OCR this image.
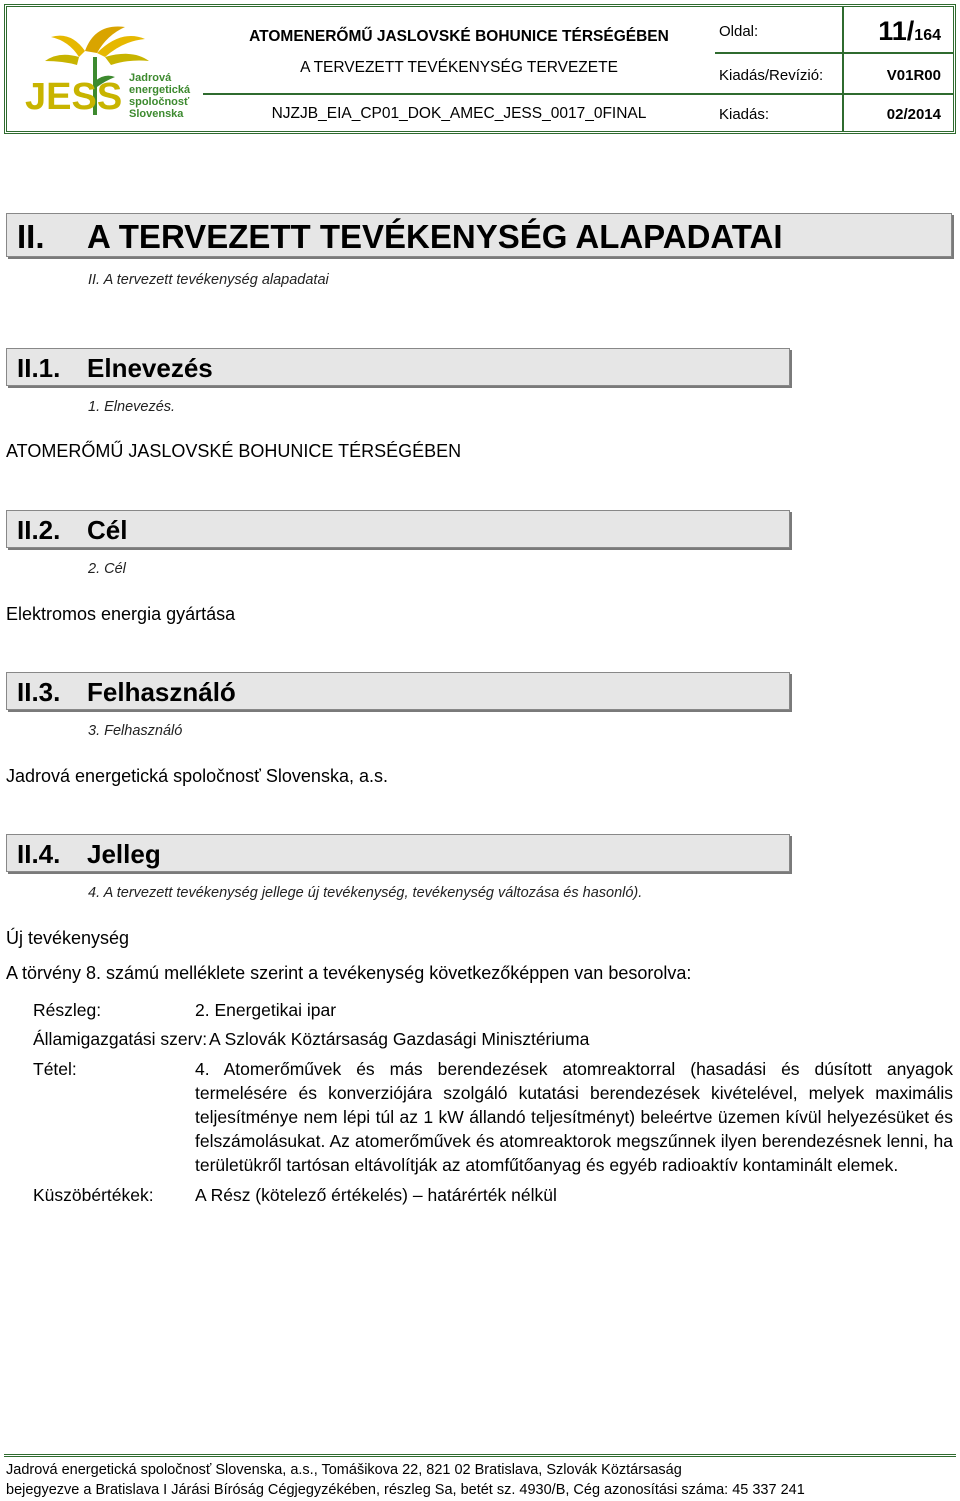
JESS Jadrová
energetická
spoločnosť
Slovenska
ATOMENERŐMŰ JASLOVSKÉ BOHUNICE TÉRSÉGÉBEN
A TERVEZETT TEVÉKENYSÉG TERVEZETE
NJZJB_EIA_CP01_DOK_AMEC_JESS_0017_0FINAL
Oldal:	11/164
Kiadás/Revízió:	V01R00
Kiadás:	02/2014
II. A TERVEZETT TEVÉKENYSÉG ALAPADATAI
II. A tervezett tevékenység alapadatai
II.1. Elnevezés
1. Elnevezés.
ATOMERŐMŰ JASLOVSKÉ BOHUNICE TÉRSÉGÉBEN
II.2. Cél
2. Cél
Elektromos energia gyártása
II.3. Felhasználó
3. Felhasználó
Jadrová energetická spoločnosť Slovenska, a.s.
II.4. Jelleg
4. A tervezett tevékenység jellege új tevékenység, tevékenység változása és hasonló).
Új tevékenység
A törvény 8. számú melléklete szerint a tevékenység következőképpen van besorolva:
Részleg:	2. Energetikai ipar
Államigazgatási szerv: A Szlovák Köztársaság Gazdasági Minisztériuma
Tétel:	4. Atomerőművek és más berendezések atomreaktorral (hasadási és dúsított anyagok termelésére és konverziójára szolgáló kutatási berendezések kivételével, melyek maximális teljesítménye nem lépi túl az 1 kW állandó teljesítményt) beleértve üzemen kívül helyezésüket és felszámolásukat. Az atomerőművek és atomreaktorok megszűnnek ilyen berendezésnek lenni, ha területükről tartósan eltávolítják az atomfűtőanyag és egyéb radioaktív kontaminált elemek.
Küszöbértékek: A Rész (kötelező értékelés) – határérték nélkül
Jadrová energetická spoločnosť Slovenska, a.s., Tomášikova 22, 821 02 Bratislava, Szlovák Köztársaság
bejegyezve a Bratislava I Járási Bíróság Cégjegyzékében, részleg Sa, betét sz. 4930/B, Cég azonosítási száma: 45 337 241
